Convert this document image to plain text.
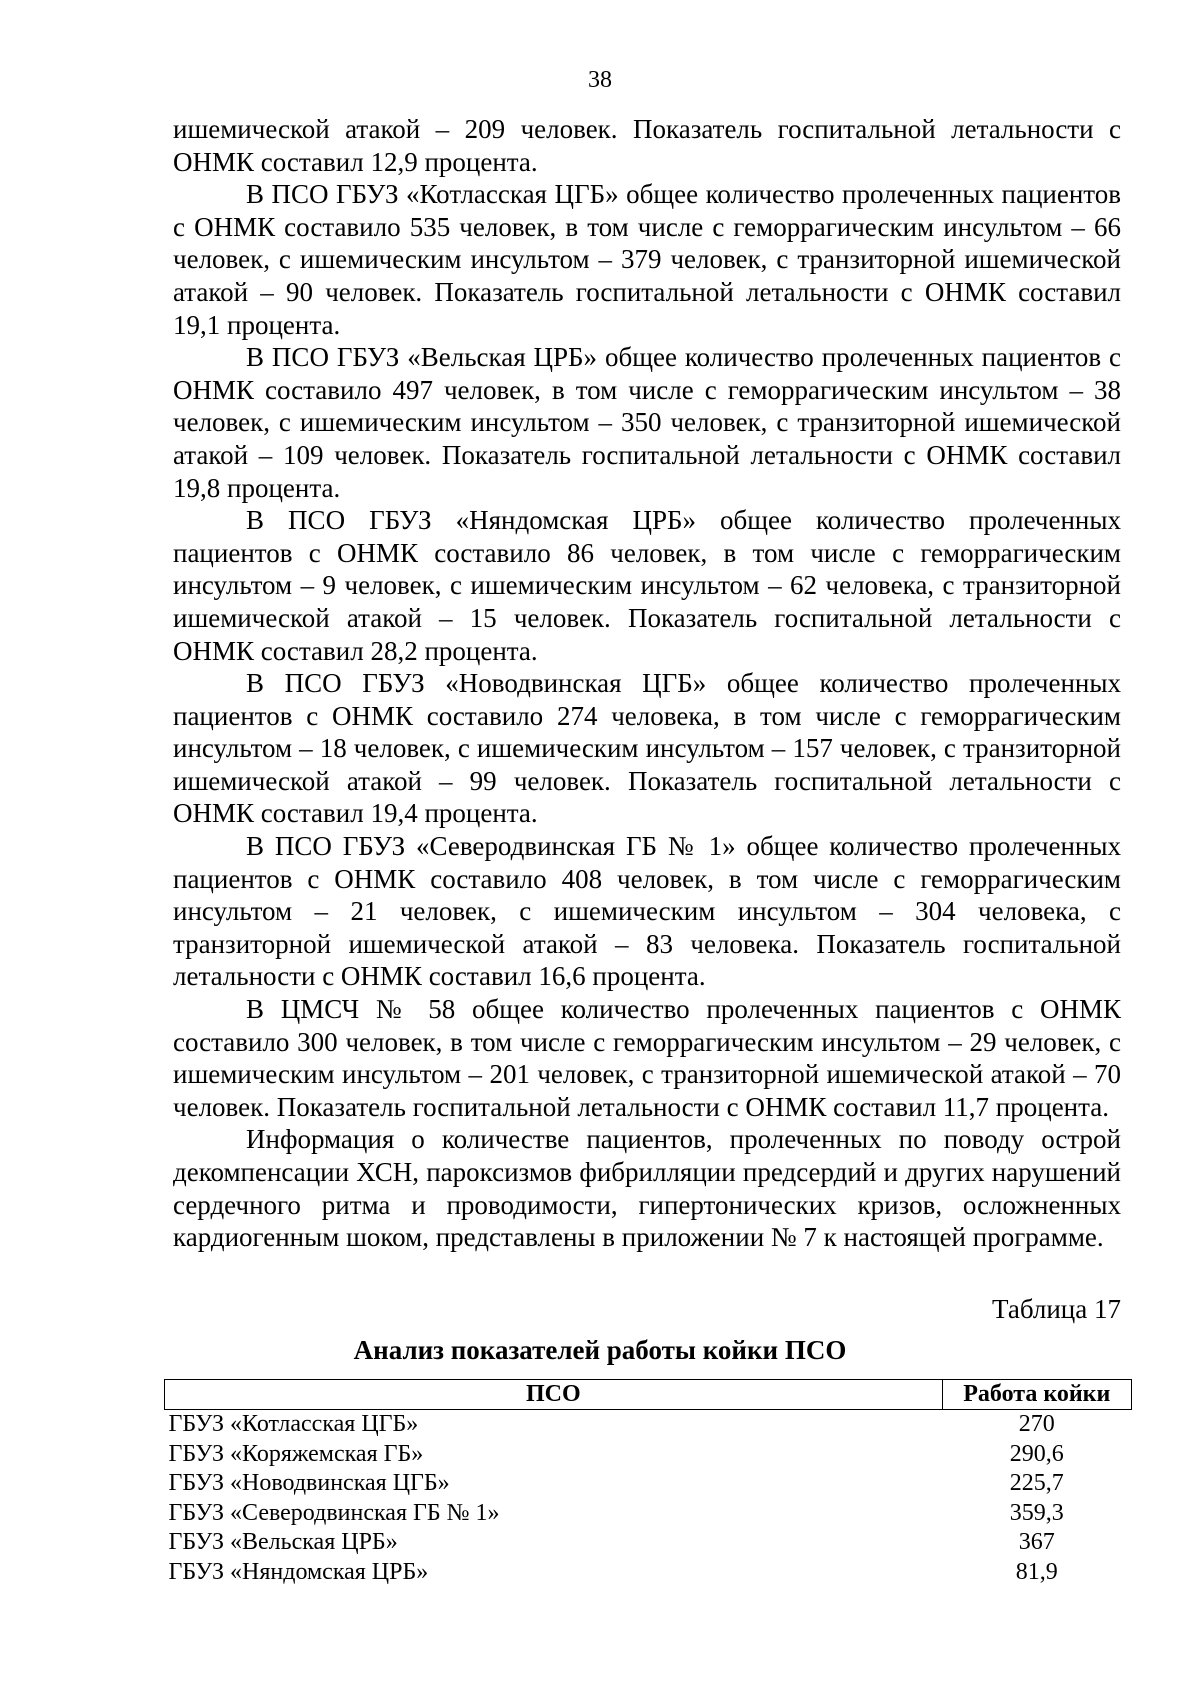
38

ишемической атакой – 209 человек. Показатель госпитальной летальности с ОНМК составил 12,9 процента.

В ПСО ГБУЗ «Котласская ЦГБ» общее количество пролеченных пациентов с ОНМК составило 535 человек, в том числе с геморрагическим инсультом – 66 человек, с ишемическим инсультом – 379 человек, с транзиторной ишемической атакой – 90 человек. Показатель госпитальной летальности с ОНМК составил 19,1 процента.

В ПСО ГБУЗ «Вельская ЦРБ» общее количество пролеченных пациентов с ОНМК составило 497 человек, в том числе с геморрагическим инсультом – 38 человек, с ишемическим инсультом – 350 человек, с транзиторной ишемической атакой – 109 человек. Показатель госпитальной летальности с ОНМК составил 19,8 процента.

В ПСО ГБУЗ «Няндомская ЦРБ» общее количество пролеченных пациентов с ОНМК составило 86 человек, в том числе с геморрагическим инсультом – 9 человек, с ишемическим инсультом – 62 человека, с транзиторной ишемической атакой – 15 человек. Показатель госпитальной летальности с ОНМК составил 28,2 процента.

В ПСО ГБУЗ «Новодвинская ЦГБ» общее количество пролеченных пациентов с ОНМК составило 274 человека, в том числе с геморрагическим инсультом – 18 человек, с ишемическим инсультом – 157 человек, с транзиторной ишемической атакой – 99 человек. Показатель госпитальной летальности с ОНМК составил 19,4 процента.

В ПСО ГБУЗ «Северодвинская ГБ № 1» общее количество пролеченных пациентов с ОНМК составило 408 человек, в том числе с геморрагическим инсультом – 21 человек, с ишемическим инсультом – 304 человека, с транзиторной ишемической атакой – 83 человека. Показатель госпитальной летальности с ОНМК составил 16,6 процента.

В ЦМСЧ № 58 общее количество пролеченных пациентов с ОНМК составило 300 человек, в том числе с геморрагическим инсультом – 29 человек, с ишемическим инсультом – 201 человек, с транзиторной ишемической атакой – 70 человек. Показатель госпитальной летальности с ОНМК составил 11,7 процента.

Информация о количестве пациентов, пролеченных по поводу острой декомпенсации ХСН, пароксизмов фибрилляции предсердий и других нарушений сердечного ритма и проводимости, гипертонических кризов, осложненных кардиогенным шоком, представлены в приложении № 7 к настоящей программе.

Таблица 17
Анализ показателей работы койки ПСО
ПСО	Работа койки
ГБУЗ «Котласская ЦГБ»	270
ГБУЗ «Коряжемская ГБ»	290,6
ГБУЗ «Новодвинская ЦГБ»	225,7
ГБУЗ «Северодвинская ГБ № 1»	359,3
ГБУЗ «Вельская ЦРБ»	367
ГБУЗ «Няндомская ЦРБ»	81,9
